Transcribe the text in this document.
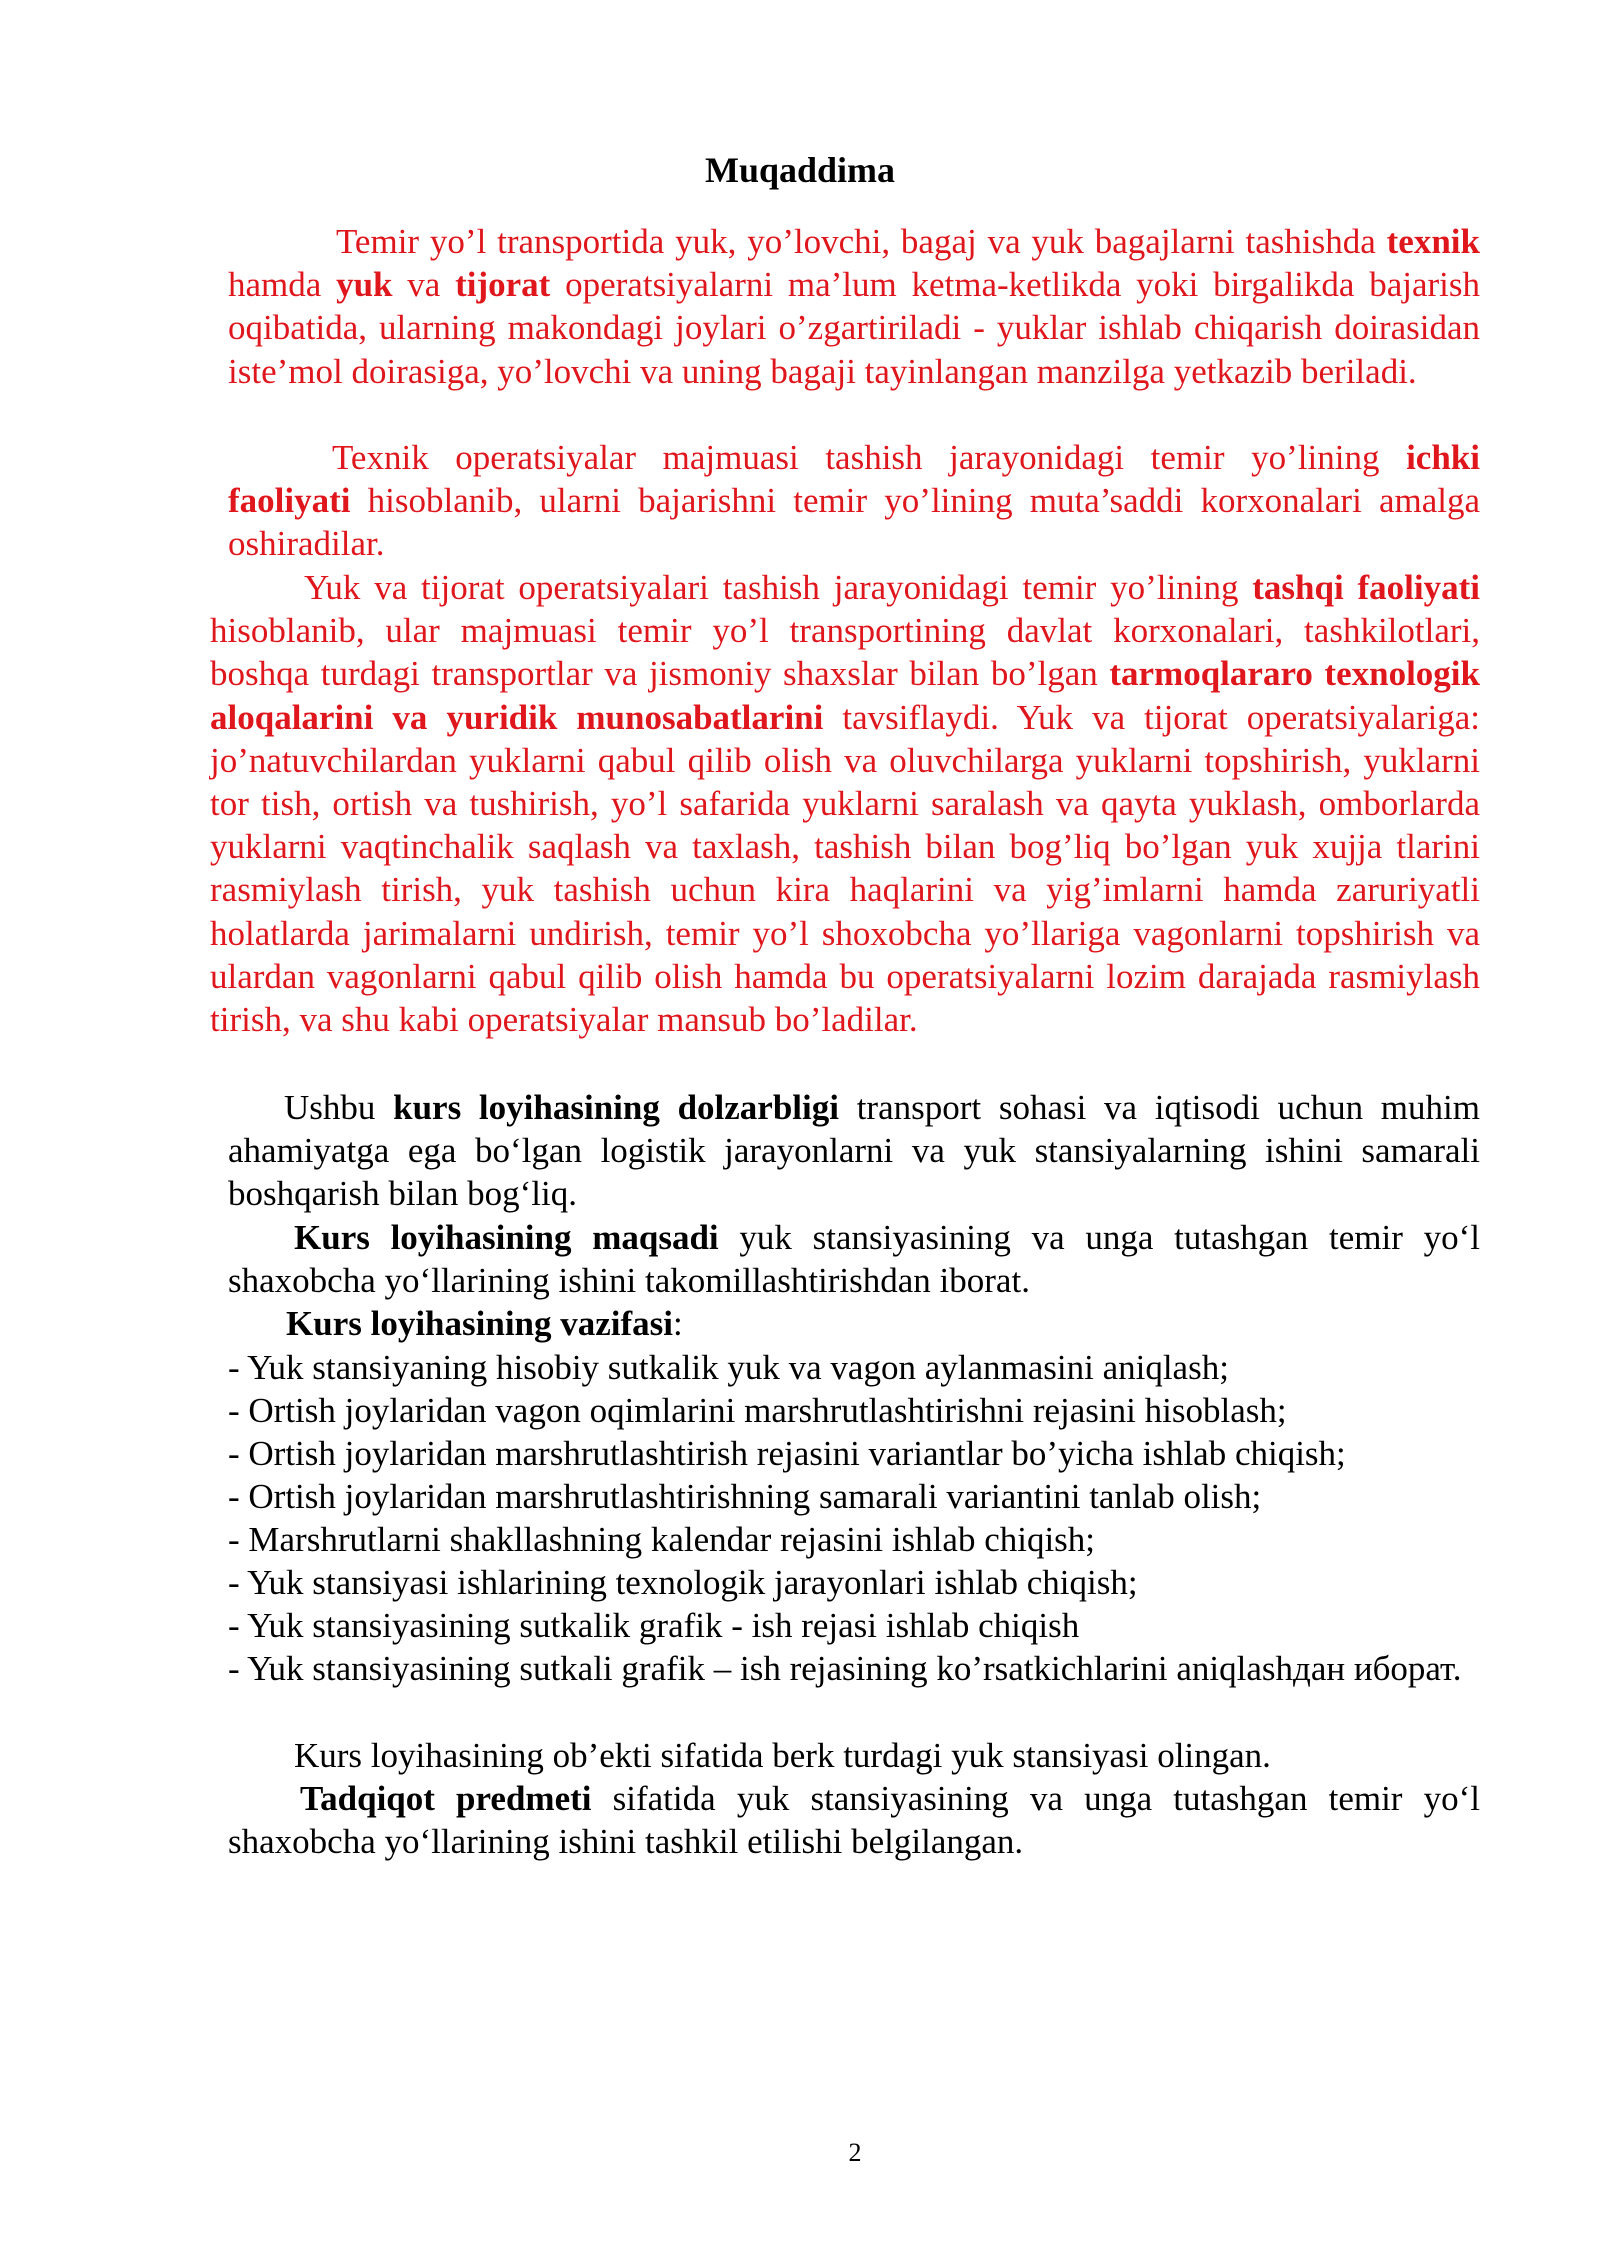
Muqaddima

Temir yo’l transportida yuk, yo’lovchi, bagaj va yuk bagajlarni tashishda texnik hamda yuk va tijorat operatsiyalarni ma’lum ketma-ketlikda yoki birgalikda bajarish oqibatida, ularning makondagi joylari o’zgartiriladi - yuklar ishlab chiqarish doirasidan iste’mol doirasiga, yo’lovchi va uning bagaji tayinlangan manzilga yetkazib beriladi.

Texnik operatsiyalar majmuasi tashish jarayonidagi temir yo’lining ichki faoliyati hisoblanib, ularni bajarishni temir yo’lining muta’saddi korxonalari amalga oshiradilar.

Yuk va tijorat operatsiyalari tashish jarayonidagi temir yo’lining tashqi faoliyati hisoblanib, ular majmuasi temir yo’l transportining davlat korxonalari, tashkilotlari, boshqa turdagi transportlar va jismoniy shaxslar bilan bo’lgan tarmoqlararo texnologik aloqalarini va yuridik munosabatlarini tavsiflaydi. Yuk va tijorat operatsiyalariga: jo’natuvchilardan yuklarni qabul qilib olish va oluvchilarga yuklarni topshirish, yuklarni tor tish, ortish va tushirish, yo’l safarida yuklarni saralash va qayta yuklash, omborlarda yuklarni vaqtinchalik saqlash va taxlash, tashish bilan bog’liq bo’lgan yuk xujja tlarini rasmiylash tirish, yuk tashish uchun kira haqlarini va yig’imlarni hamda zaruriyatli holatlarda jarimalarni undirish, temir yo’l shoxobcha yo’llariga vagonlarni topshirish va ulardan vagonlarni qabul qilib olish hamda bu operatsiyalarni lozim darajada rasmiylash tirish, va shu kabi operatsiyalar mansub bo’ladilar.

Ushbu kurs loyihasining dolzarbligi transport sohasi va iqtisodi uchun muhim ahamiyatga ega bo‘lgan logistik jarayonlarni va yuk stansiyalarning ishini samarali boshqarish bilan bog‘liq.

Kurs loyihasining maqsadi yuk stansiyasining va unga tutashgan temir yo‘l shaxobcha yo‘llarining ishini takomillashtirishdan iborat.

Kurs loyihasining vazifasi:

- Yuk stansiyaning hisobiy sutkalik yuk va vagon aylanmasini aniqlash;
- Ortish joylaridan vagon oqimlarini marshrutlashtirishni rejasini hisoblash;
- Ortish joylaridan marshrutlashtirish rejasini variantlar bo’yicha ishlab chiqish;
- Ortish joylaridan marshrutlashtirishning samarali variantini tanlab olish;
- Marshrutlarni shakllashning kalendar rejasini ishlab chiqish;
- Yuk stansiyasi ishlarining texnologik jarayonlari ishlab chiqish;
- Yuk stansiyasining sutkalik grafik - ish rejasi ishlab chiqish

- Yuk stansiyasining sutkali grafik – ish rejasining ko’rsatkichlarini aniqlashдан иборат.

Kurs loyihasining ob’ekti sifatida berk turdagi yuk stansiyasi olingan.

Tadqiqot predmeti sifatida yuk stansiyasining va unga tutashgan temir yo‘l shaxobcha yo‘llarining ishini tashkil etilishi belgilangan.

2
